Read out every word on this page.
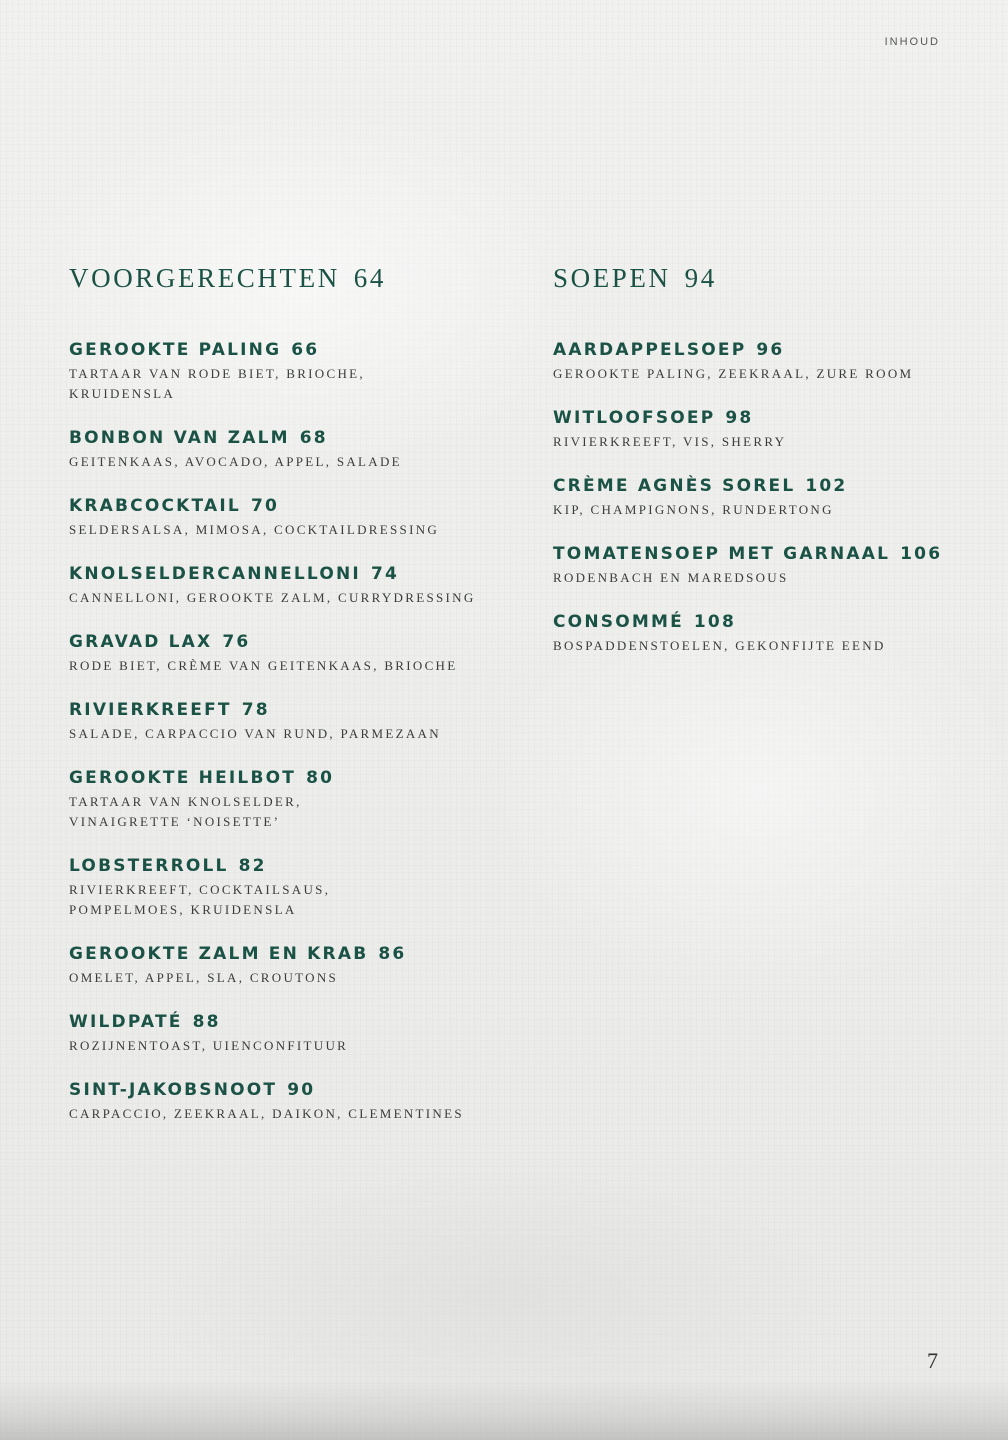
INHOUD
VOORGERECHTEN 64
GEROOKTE PALING 66
TARTAAR VAN RODE BIET, BRIOCHE,
KRUIDENSLA
BONBON VAN ZALM 68
GEITENKAAS, AVOCADO, APPEL, SALADE
KRABCOCKTAIL 70
SELDERSALSA, MIMOSA, COCKTAILDRESSING
KNOLSELDERCANNELLONI 74
CANNELLONI, GEROOKTE ZALM, CURRYDRESSING
GRAVAD LAX 76
RODE BIET, CRÈME VAN GEITENKAAS, BRIOCHE
RIVIERKREEFT 78
SALADE, CARPACCIO VAN RUND, PARMEZAAN
GEROOKTE HEILBOT 80
TARTAAR VAN KNOLSELDER,
VINAIGRETTE ‘NOISETTE’
LOBSTERROLL 82
RIVIERKREEFT, COCKTAILSAUS,
POMPELMOES, KRUIDENSLA
GEROOKTE ZALM EN KRAB 86
OMELET, APPEL, SLA, CROUTONS
WILDPATÉ 88
ROZIJNENTOAST, UIENCONFITUUR
SINT-JAKOBSNOOT 90
CARPACCIO, ZEEKRAAL, DAIKON, CLEMENTINES
SOEPEN 94
AARDAPPELSOEP 96
GEROOKTE PALING, ZEEKRAAL, ZURE ROOM
WITLOOFSOEP 98
RIVIERKREEFT, VIS, SHERRY
CRÈME AGNÈS SOREL 102
KIP, CHAMPIGNONS, RUNDERTONG
TOMATENSOEP MET GARNAAL 106
RODENBACH EN MAREDSOUS
CONSOMMÉ 108
BOSPADDENSTOELEN, GEKONFIJTE EEND
7
